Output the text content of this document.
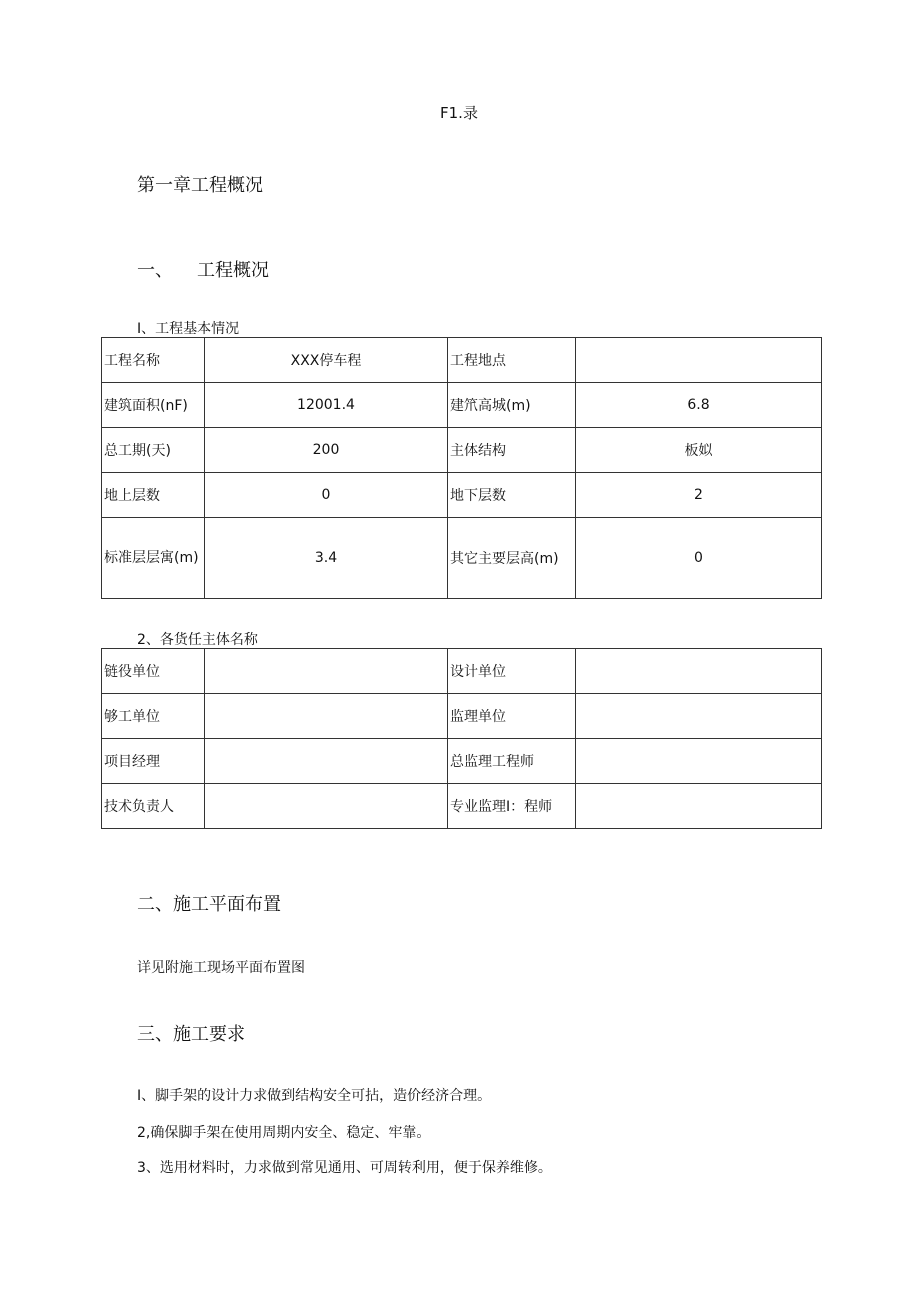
F1.录
第一章工程概况
一、 工程概况
I、工程基本情况
工程名称	XXX停车程	工程地点	
建筑面积(nF)	12001.4	建笊高城(m)	6.8
总工期(天)	200	主体结构	板姒
地上层数	0	地下层数	2
标准层层寓(m)	3.4	其它主要层高(m)	0
2、各货任主体名称
链役单位		设计单位	
够工单位		监理单位	
项目经理		总监理工程师	
技术负责人		专业监理I：程师	
二、施工平面布置
详见附施工现场平面布置图
三、施工要求
I、脚手架的设计力求做到结构安全可拈，造价经济合理。
2,确保脚手架在使用周期内安全、稳定、牢靠。
3、选用材料时，力求做到常见通用、可周转利用，便于保养维修。
